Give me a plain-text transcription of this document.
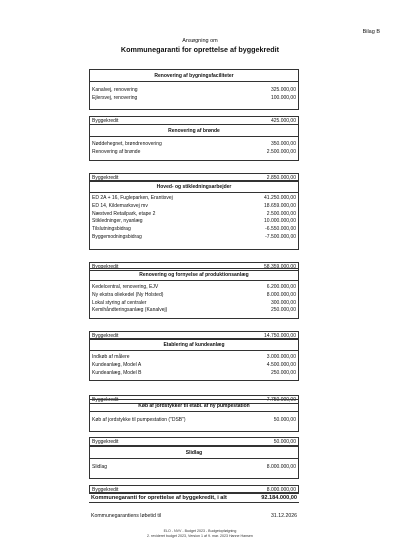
Bilag B
Ansøgning om
Kommunegaranti for oprettelse af byggekredit
Renovering af bygningsfaciliteter
Kanalvej, renovering	325.000,00
Ejlersvej, renovering	100.000,00
Byggekredit	425.000,00
Renovering af brønde
Nøddehegnet, brøndrenovering	350.000,00
Renovering af brønde	2.500.000,00
Byggekredit	2.850.000,00
Hoved- og stikledningsarbejder
ED 2A + 16, Fugleparken, Erantisvej	41.250.000,00
ED 14, Kildemarksvej mv	18.659.000,00
Næstved Retailpark, etape 2	2.500.000,00
Stikledninger, nyanlæg	10.000.000,00
Tilslutningsbidrag	-6.550.000,00
Byggemodningsbidrag	-7.500.000,00
Byggekredit	58.359.000,00
Renovering og fornyelse af produktionsanlæg
Kedelcentral, renovering, EJV	6.200.000,00
Ny ekstra oliekedel (Ny Holsted)	8.000.000,00
Lokal styring af centraler	300.000,00
Kemihåndteringsanlæg (Kanalvej)	250.000,00
Byggekredit	14.750.000,00
Etablering af kundeanlæg
Indkøb af målere	3.000.000,00
Kundeanlæg, Model A	4.500.000,00
Kundeanlæg, Model B	250.000,00
Byggekredit	7.750.000,00
Køb af jordstykker til etabl. af ny pumpestation
Køb af jordstykke til pumpestation ("DSB")	50.000,00
Byggekredit	50.000,00
Slidlag
Slidlag	8.000.000,00
Byggekredit	8.000.000,00
Kommunegaranti for oprettelse af byggekredit, i alt	92.184.000,00
Kommunegarantiens løbetid til	31.12.2026
ELO - NVV - Budget 2023 - Budgetopfølgning
2. revideret budget 2023, Version 1 af 9. mar. 2023 Hanne Hansen
